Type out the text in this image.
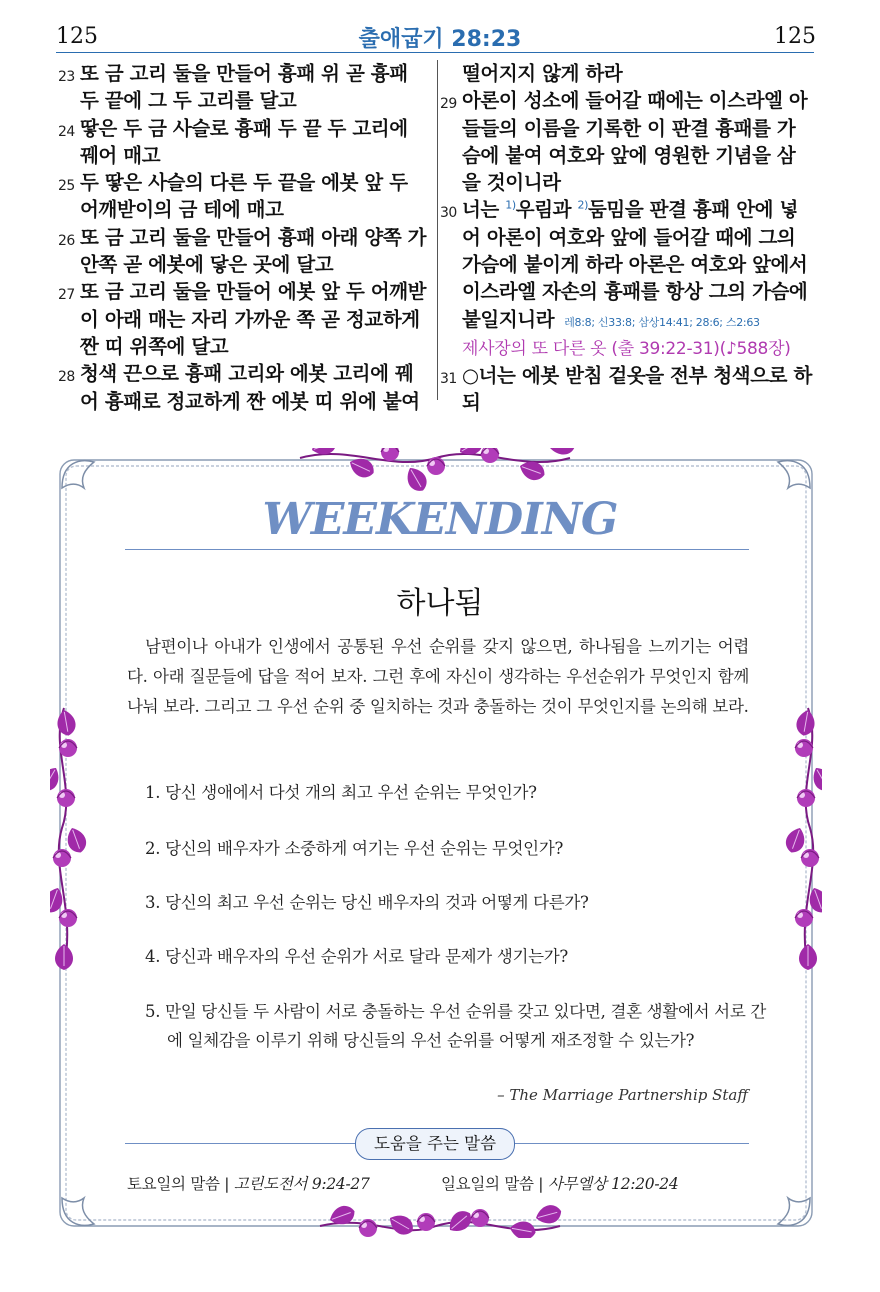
125	출애굽기 28:23	125
23 또 금 고리 둘을 만들어 흉패 위 곧 흉패 두 끝에 그 두 고리를 달고
24 땋은 두 금 사슬로 흉패 두 끝 두 고리에 꿰어 매고
25 두 땋은 사슬의 다른 두 끝을 에봇 앞 두 어깨받이의 금 테에 매고
26 또 금 고리 둘을 만들어 흉패 아래 양쪽 가 안쪽 곧 에봇에 닿은 곳에 달고
27 또 금 고리 둘을 만들어 에봇 앞 두 어깨받이 아래 매는 자리 가까운 쪽 곧 정교하게 짠 띠 위쪽에 달고
28 청색 끈으로 흉패 고리와 에봇 고리에 꿰어 흉패로 정교하게 짠 에봇 띠 위에 붙여
떨어지지 않게 하라
29 아론이 성소에 들어갈 때에는 이스라엘 아들들의 이름을 기록한 이 판결 흉패를 가슴에 붙여 여호와 앞에 영원한 기념을 삼을 것이니라
30 너는 $^{1)}$우림과 $^{2)}$둠밈을 판결 흉패 안에 넣어 아론이 여호와 앞에 들어갈 때에 그의 가슴에 붙이게 하라 아론은 여호와 앞에서 이스라엘 자손의 흉패를 항상 그의 가슴에 붙일지니라 레8:8; 신33:8; 삼상14:41; 28:6; 스2:63
제사장의 또 다른 옷 (출 39:22-31)(♪588장)
31 ○너는 에봇 받침 겉옷을 전부 청색으로 하되
WEEKENDING
하나됨
남편이나 아내가 인생에서 공통된 우선 순위를 갖지 않으면, 하나됨을 느끼기는 어렵다. 아래 질문들에 답을 적어 보자. 그런 후에 자신이 생각하는 우선순위가 무엇인지 함께 나눠 보라. 그리고 그 우선 순위 중 일치하는 것과 충돌하는 것이 무엇인지를 논의해 보라.
1. 당신 생애에서 다섯 개의 최고 우선 순위는 무엇인가?
2. 당신의 배우자가 소중하게 여기는 우선 순위는 무엇인가?
3. 당신의 최고 우선 순위는 당신 배우자의 것과 어떻게 다른가?
4. 당신과 배우자의 우선 순위가 서로 달라 문제가 생기는가?
5. 만일 당신들 두 사람이 서로 충돌하는 우선 순위를 갖고 있다면, 결혼 생활에서 서로 간에 일체감을 이루기 위해 당신들의 우선 순위를 어떻게 재조정할 수 있는가?
– The Marriage Partnership Staff
도움을 주는 말씀
토요일의 말씀 | 고린도전서 9:24-27	일요일의 말씀 | 사무엘상 12:20-24
